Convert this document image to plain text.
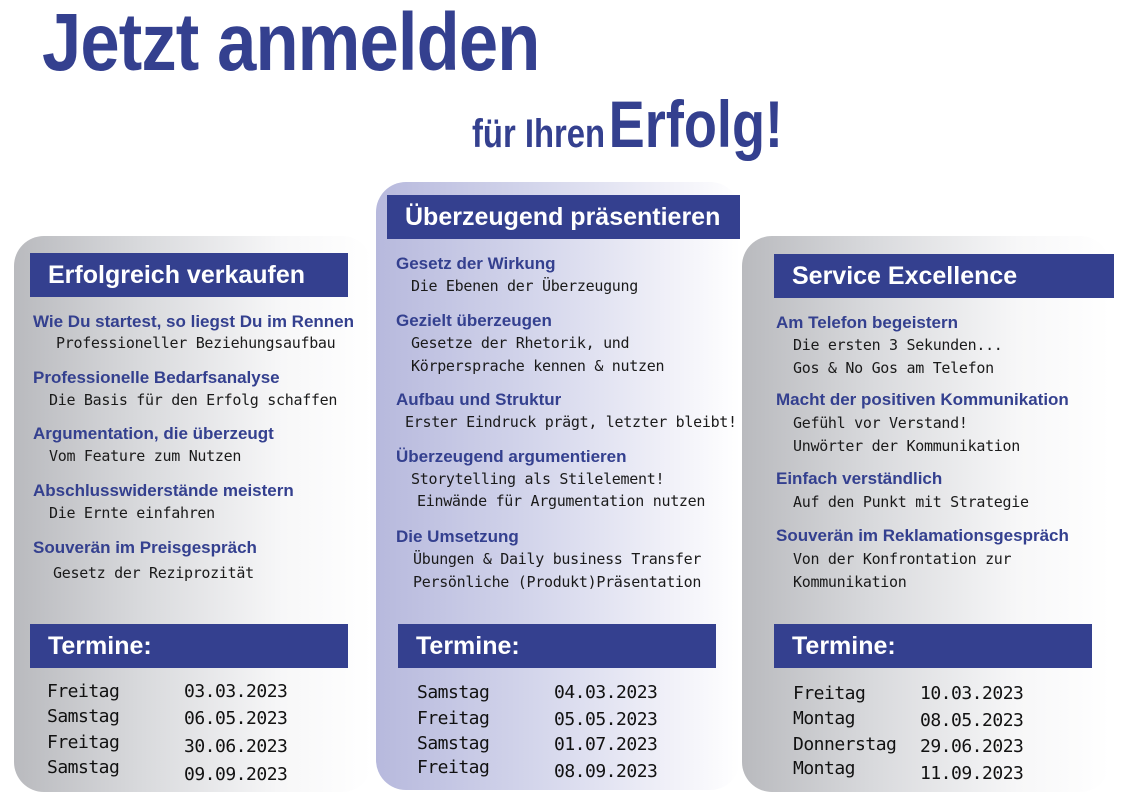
Jetzt anmelden
für Ihren Erfolg!
Erfolgreich verkaufen
Wie Du startest, so liegst Du im Rennen
Professioneller Beziehungsaufbau
Professionelle Bedarfsanalyse
Die Basis für den Erfolg schaffen
Argumentation, die überzeugt
Vom Feature zum Nutzen
Abschlusswiderstände meistern
Die Ernte einfahren
Souverän im Preisgespräch
Gesetz der Reziprozität
Termine:
Freitag	03.03.2023
Samstag	06.05.2023
Freitag	30.06.2023
Samstag	09.09.2023
Überzeugend präsentieren
Gesetz der Wirkung
Die Ebenen der Überzeugung
Gezielt überzeugen
Gesetze der Rhetorik, und
Körpersprache kennen & nutzen
Aufbau und Struktur
Erster Eindruck prägt, letzter bleibt!
Überzeugend argumentieren
Storytelling als Stilelement!
Einwände für Argumentation nutzen
Die Umsetzung
Übungen & Daily business Transfer
Persönliche (Produkt)Präsentation
Termine:
Samstag	04.03.2023
Freitag	05.05.2023
Samstag	01.07.2023
Freitag	08.09.2023
Service Excellence
Am Telefon begeistern
Die ersten 3 Sekunden...
Gos & No Gos am Telefon
Macht der positiven Kommunikation
Gefühl vor Verstand!
Unwörter der Kommunikation
Einfach verständlich
Auf den Punkt mit Strategie
Souverän im Reklamationsgespräch
Von der Konfrontation zur
Kommunikation
Termine:
Freitag	10.03.2023
Montag	08.05.2023
Donnerstag 29.06.2023
Montag	11.09.2023
